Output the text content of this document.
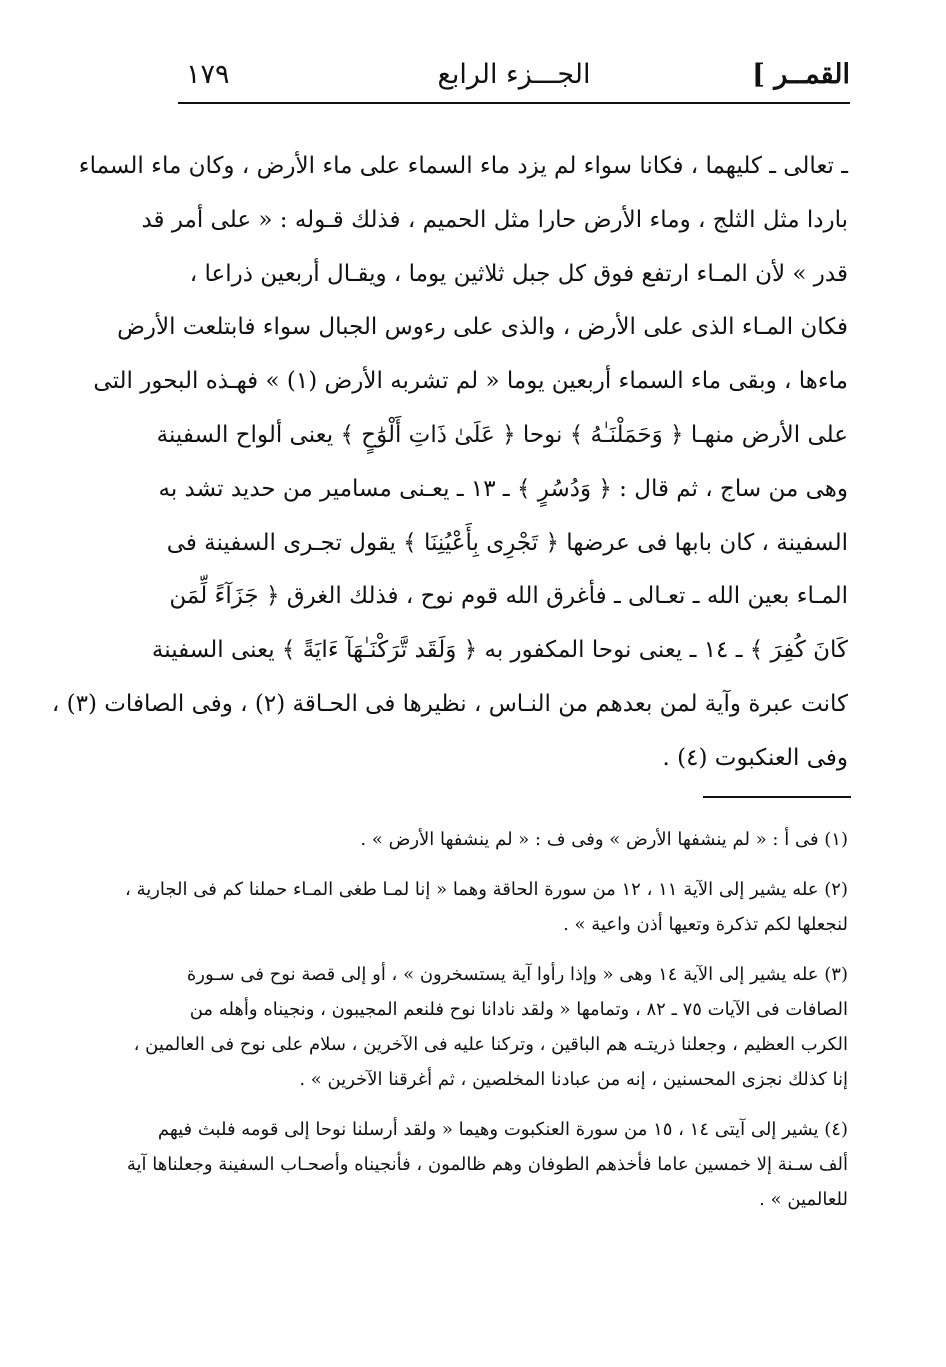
القمــر ]
الجـــزء الرابع
١٧٩
ـ تعالى ـ كليهما ، فكانا سواء لم يزد ماء السماء على ماء الأرض ، وكان ماء السماء
باردا مثل الثلج ، وماء الأرض حارا مثل الحميم ، فذلك قـوله : « على أمر قد
قدر » لأن المـاء ارتفع فوق كل جبل ثلاثين يوما ، ويقـال أربعين ذراعا ،
فكان المـاء الذى على الأرض ، والذى على رءوس الجبال سواء فابتلعت الأرض
ماءها ، وبقى ماء السماء أربعين يوما « لم تشربه الأرض (١) » فهـذه البحور التى
على الأرض منهـا ﴿ وَحَمَلْنَـٰهُ ﴾ نوحا ﴿ عَلَىٰ ذَاتِ أَلْوَٰحٍ ﴾ يعنى ألواح السفينة
وهى من ساج ، ثم قال : ﴿ وَدُسُرٍ ﴾ ـ ١٣ ـ يعـنى مسامير من حديد تشد به
السفينة ، كان بابها فى عرضها ﴿ تَجْرِى بِأَعْيُنِنَا ﴾ يقول تجـرى السفينة فى
المـاء بعين الله ـ تعـالى ـ فأغرق الله قوم نوح ، فذلك الغرق ﴿ جَزَآءً لِّمَن
كَانَ كُفِرَ ﴾ ـ ١٤ ـ يعنى نوحا المكفور به ﴿ وَلَقَد تَّرَكْنَـٰهَآ ءَايَةً ﴾ يعنى السفينة
كانت عبرة وآية لمن بعدهم من النـاس ، نظيرها فى الحـاقة (٢) ، وفى الصافات (٣) ،
وفى العنكبوت (٤) .
(١) فى أ : « لم ينشفها الأرض » وفى ف : « لم ينشفها الأرض » .
(٢) عله يشير إلى الآية ١١ ، ١٢ من سورة الحاقة وهما « إنا لمـا طغى المـاء حملنا كم فى الجارية ،
لنجعلها لكم تذكرة وتعيها أذن واعية » .
(٣) عله يشير إلى الآية ١٤ وهى « وإذا رأوا آية يستسخرون » ، أو إلى قصة نوح فى سـورة
الصافات فى الآيات ٧٥ ـ ٨٢ ، وتمامها « ولقد نادانا نوح فلنعم المجيبون ، ونجيناه وأهله من
الكرب العظيم ، وجعلنا ذريتـه هم الباقين ، وتركنا عليه فى الآخرين ، سلام على نوح فى العالمين ،
إنا كذلك نجزى المحسنين ، إنه من عبادنا المخلصين ، ثم أغرقنا الآخرين » .
(٤) يشير إلى آيتى ١٤ ، ١٥ من سورة العنكبوت وهيما « ولقد أرسلنا نوحا إلى قومه فلبث فيهم
ألف سـنة إلا خمسين عاما فأخذهم الطوفان وهم ظالمون ، فأنجيناه وأصحـاب السفينة وجعلناها آية
للعالمين » .
